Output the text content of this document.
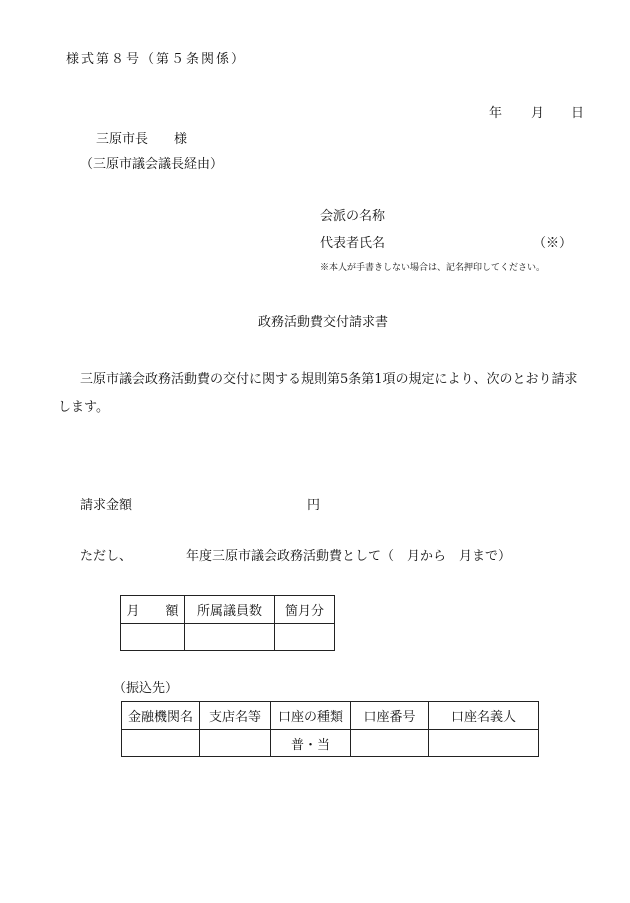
様式第８号（第５条関係）
年 月 日
三原市長　　様
（三原市議会議長経由）
会派の名称
代表者氏名	（※）
※本人が手書きしない場合は、記名押印してください。
政務活動費交付請求書
三原市議会政務活動費の交付に関する規則第5条第1項の規定により、次のとおり請求します。
請求金額	円
ただし、	年度三原市議会政務活動費として（　月から　月まで）
月　　額	所属議員数	箇月分

（振込先）
金融機関名	支店名等	口座の種類	口座番号	口座名義人
		普・当		
